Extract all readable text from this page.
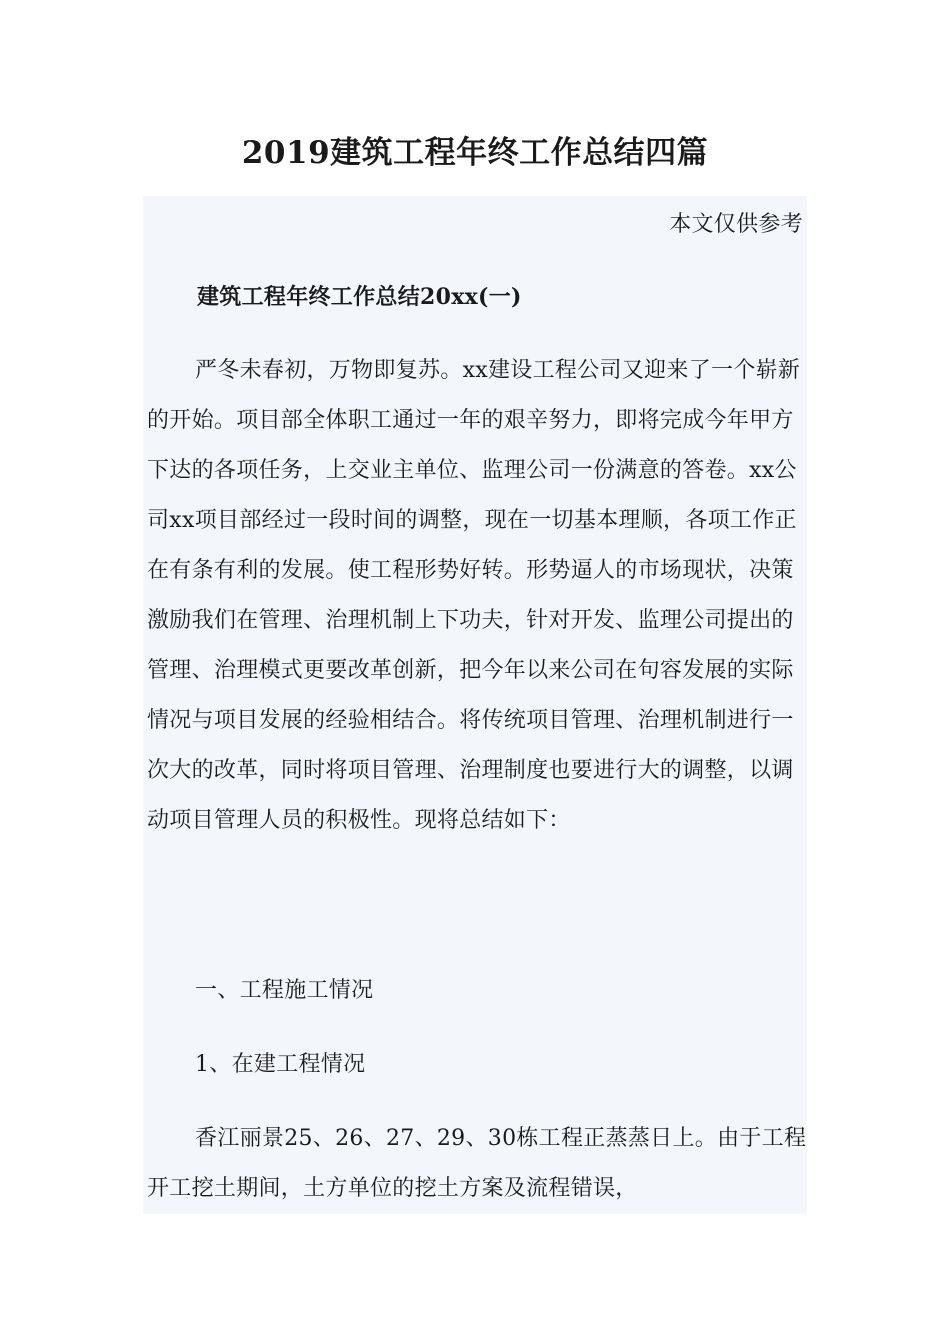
2019建筑工程年终工作总结四篇

本文仅供参考

建筑工程年终工作总结20xx(一)

严冬未春初，万物即复苏。xx建设工程公司又迎来了一个崭新的开始。项目部全体职工通过一年的艰辛努力，即将完成今年甲方下达的各项任务，上交业主单位、监理公司一份满意的答卷。xx公司xx项目部经过一段时间的调整，现在一切基本理顺，各项工作正在有条有利的发展。使工程形势好转。形势逼人的市场现状，决策激励我们在管理、治理机制上下功夫，针对开发、监理公司提出的管理、治理模式更要改革创新，把今年以来公司在句容发展的实际情况与项目发展的经验相结合。将传统项目管理、治理机制进行一次大的改革，同时将项目管理、治理制度也要进行大的调整，以调动项目管理人员的积极性。现将总结如下：

一、工程施工情况

1、在建工程情况

香江丽景25、26、27、29、30栋工程正蒸蒸日上。由于工程开工挖土期间，土方单位的挖土方案及流程错误，
